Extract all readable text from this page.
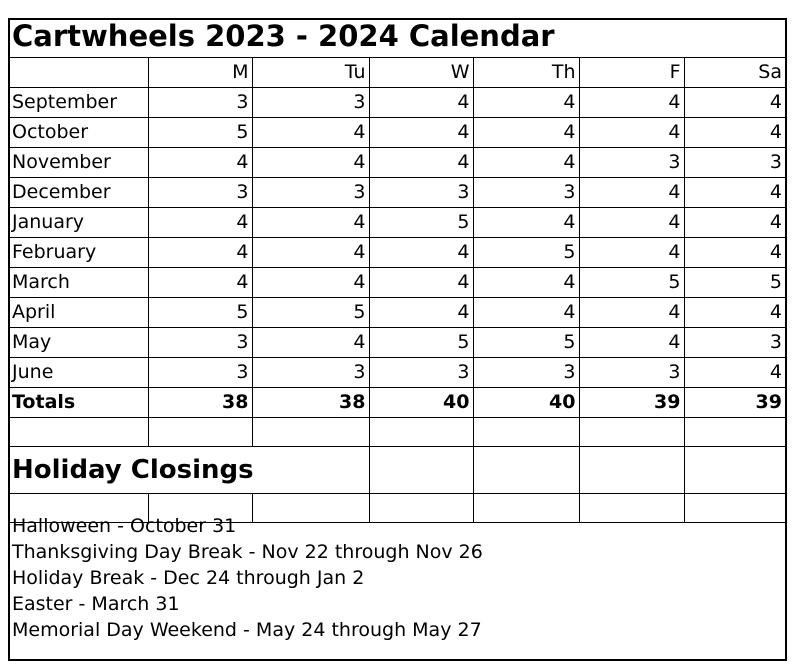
Cartwheels 2023 - 2024 Calendar
	M	Tu	W	Th	F	Sa
September	3	3	4	4	4	4
October	5	4	4	4	4	4
November	4	4	4	4	3	3
December	3	3	3	3	4	4
January	4	4	5	4	4	4
February	4	4	4	5	4	4
March	4	4	4	4	5	5
April	5	5	4	4	4	4
May	3	4	5	5	4	3
June	3	3	3	3	3	4
Totals	38	38	40	40	39	39

Holiday Closings						

Halloween - October 31
Thanksgiving Day Break - Nov 22 through Nov 26
Holiday Break - Dec 24 through Jan 2
Easter - March 31
Memorial Day Weekend - May 24 through May 27
